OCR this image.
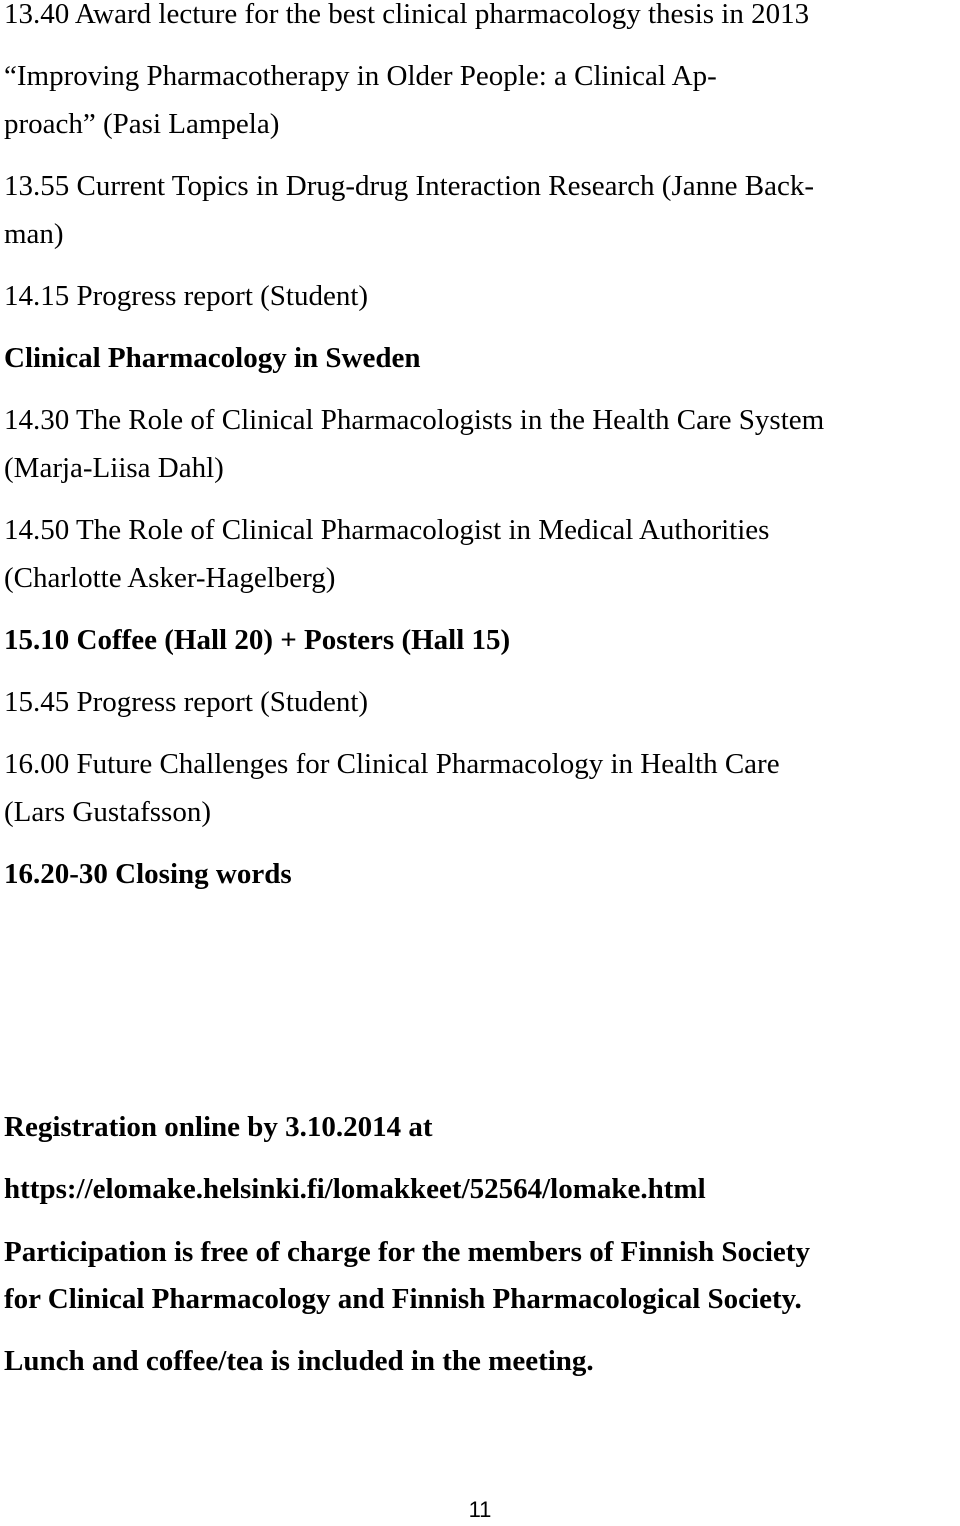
13.40 Award lecture for the best clinical pharmacology thesis in 2013
“Improving Pharmacotherapy in Older People: a Clinical Ap-
proach” (Pasi Lampela)
13.55 Current Topics in Drug-drug Interaction Research (Janne Back-
man)
14.15 Progress report (Student)
Clinical Pharmacology in Sweden
14.30 The Role of Clinical Pharmacologists in the Health Care System
(Marja-Liisa Dahl)
14.50 The Role of Clinical Pharmacologist in Medical Authorities
(Charlotte Asker-Hagelberg)
15.10 Coffee (Hall 20) + Posters (Hall 15)
15.45 Progress report (Student)
16.00 Future Challenges for Clinical Pharmacology in Health Care
(Lars Gustafsson)
16.20-30 Closing words
Registration online by 3.10.2014 at
https://elomake.helsinki.fi/lomakkeet/52564/lomake.html
Participation is free of charge for the members of Finnish Society
for Clinical Pharmacology and Finnish Pharmacological Society.
Lunch and coffee/tea is included in the meeting.
11
